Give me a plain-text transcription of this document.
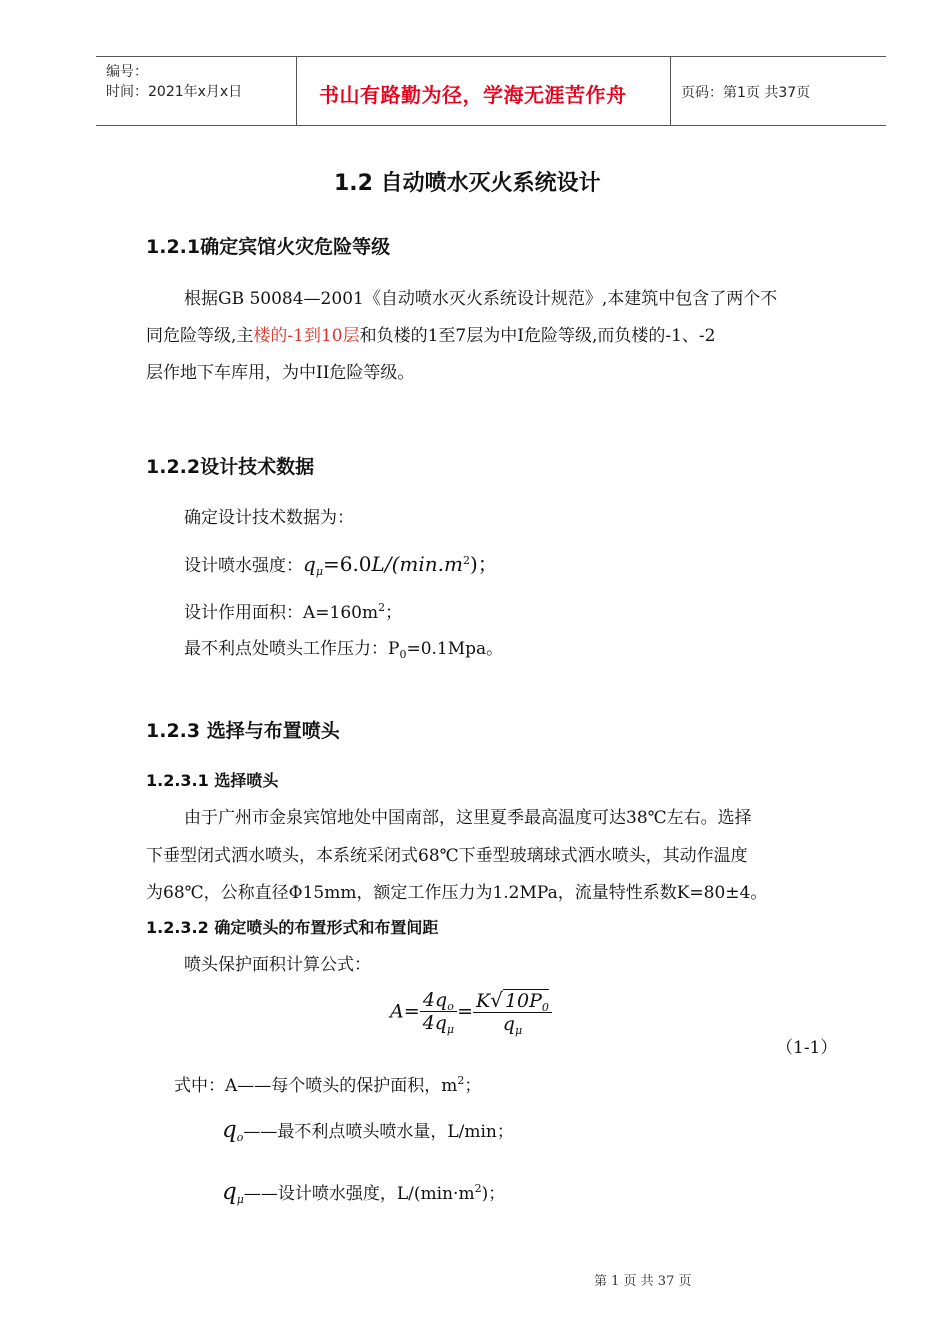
编号：
时间：2021年x月x日	书山有路勤为径，学海无涯苦作舟	页码：第1页 共37页
1.2 自动喷水灭火系统设计
1.2.1确定宾馆火灾危险等级
根据GB 50084—2001《自动喷水灭火系统设计规范》,本建筑中包含了两个不
同危险等级,主楼的-1到10层和负楼的1至7层为中I危险等级,而负楼的-1、-2
层作地下车库用，为中II危险等级。
1.2.2设计技术数据
确定设计技术数据为：
设计喷水强度：$q_\mu=6.0L/(\min.m^2)$；
设计作用面积：$A=160m^2$；
最不利点处喷头工作压力：$P_0=0.1Mpa$。
1.2.3 选择与布置喷头
1.2.3.1 选择喷头
由于广州市金泉宾馆地处中国南部，这里夏季最高温度可达38℃左右。选择
下垂型闭式洒水喷头，本系统采闭式68℃下垂型玻璃球式洒水喷头，其动作温度
为68℃，公称直径Φ15mm，额定工作压力为1.2MPa，流量特性系数K=80±4。
1.2.3.2 确定喷头的布置形式和布置间距
喷头保护面积计算公式：
$A= \frac{4q_o}{4q_\mu} = \frac{K√ 10P_0}{q_\mu}$
（1-1）
式中：A——每个喷头的保护面积，$m^2$；
$q_o——$最不利点喷头喷水量，L/min；
$q_\mu——$设计喷水强度，$L/(\min\cdot m^2)$；
第 1 页 共 37 页
